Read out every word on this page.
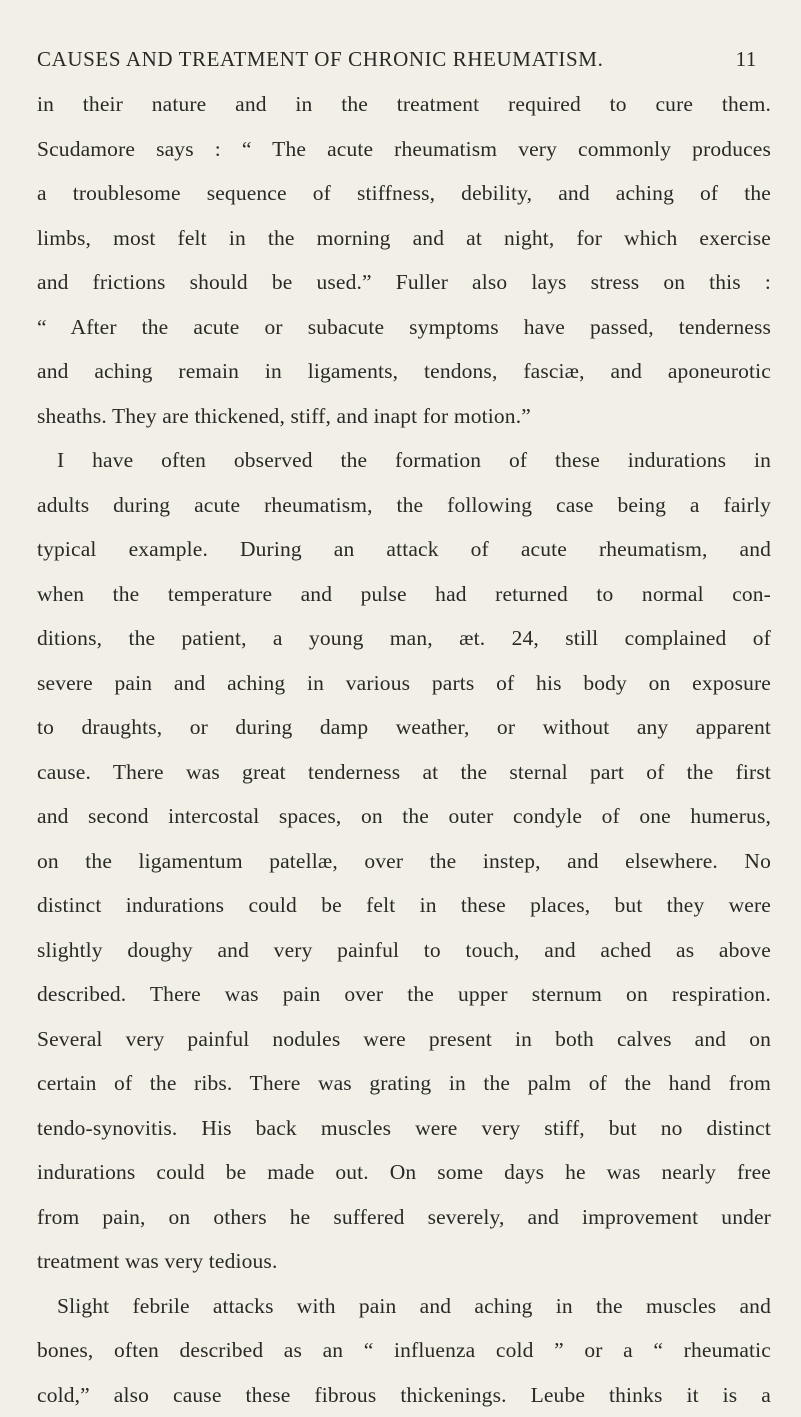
CAUSES AND TREATMENT OF CHRONIC RHEUMATISM.	11
in their nature and in the treatment required to cure them.
Scudamore says : “ The acute rheumatism very commonly produces
a troublesome sequence of stiffness, debility, and aching of the
limbs, most felt in the morning and at night, for which exercise
and frictions should be used.” Fuller also lays stress on this :
“ After the acute or subacute symptoms have passed, tenderness
and aching remain in ligaments, tendons, fasciæ, and aponeurotic
sheaths. They are thickened, stiff, and inapt for motion.”
I have often observed the formation of these indurations in
adults during acute rheumatism, the following case being a fairly
typical example. During an attack of acute rheumatism, and
when the temperature and pulse had returned to normal con-
ditions, the patient, a young man, æt. 24, still complained of
severe pain and aching in various parts of his body on exposure
to draughts, or during damp weather, or without any apparent
cause. There was great tenderness at the sternal part of the first
and second intercostal spaces, on the outer condyle of one humerus,
on the ligamentum patellæ, over the instep, and elsewhere. No
distinct indurations could be felt in these places, but they were
slightly doughy and very painful to touch, and ached as above
described. There was pain over the upper sternum on respiration.
Several very painful nodules were present in both calves and on
certain of the ribs. There was grating in the palm of the hand from
tendo-synovitis. His back muscles were very stiff, but no distinct
indurations could be made out. On some days he was nearly free
from pain, on others he suffered severely, and improvement under
treatment was very tedious.
Slight febrile attacks with pain and aching in the muscles and
bones, often described as an “ influenza cold ” or a “ rheumatic
cold,” also cause these fibrous thickenings. Leube thinks it is a
